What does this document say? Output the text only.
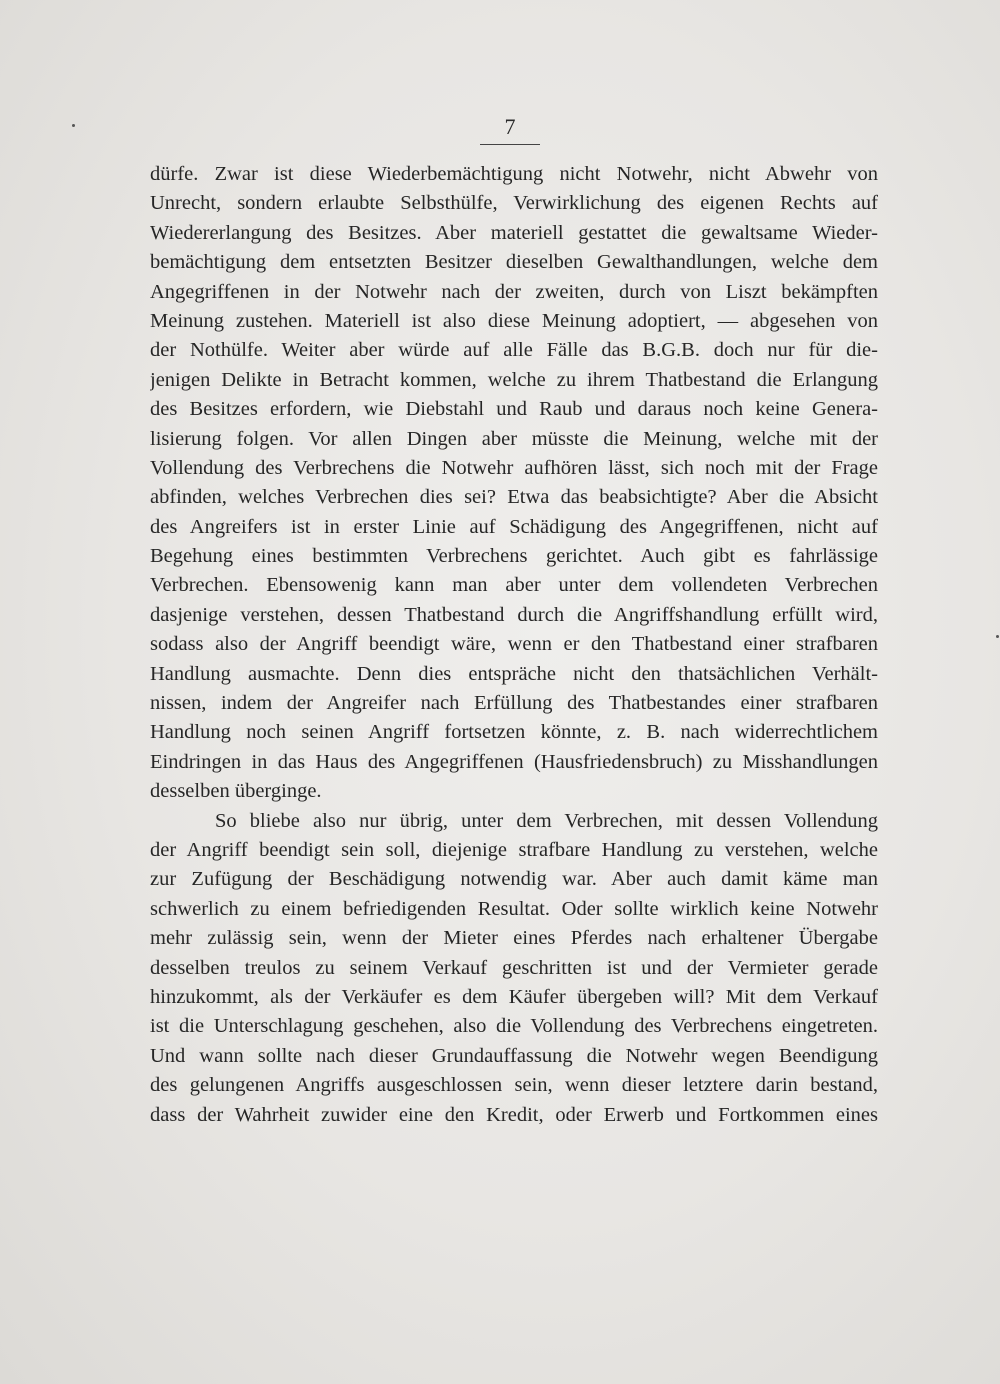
7
dürfe. Zwar ist diese Wiederbemächtigung nicht Notwehr, nicht Abwehr von
Unrecht, sondern erlaubte Selbsthülfe, Verwirklichung des eigenen Rechts auf
Wiedererlangung des Besitzes. Aber materiell gestattet die gewaltsame Wieder-
bemächtigung dem entsetzten Besitzer dieselben Gewalthandlungen, welche dem
Angegriffenen in der Notwehr nach der zweiten, durch von Liszt bekämpften
Meinung zustehen. Materiell ist also diese Meinung adoptiert, — abgesehen von
der Nothülfe. Weiter aber würde auf alle Fälle das B.G.B. doch nur für die-
jenigen Delikte in Betracht kommen, welche zu ihrem Thatbestand die Erlangung
des Besitzes erfordern, wie Diebstahl und Raub und daraus noch keine Genera-
lisierung folgen. Vor allen Dingen aber müsste die Meinung, welche mit der
Vollendung des Verbrechens die Notwehr aufhören lässt, sich noch mit der Frage
abfinden, welches Verbrechen dies sei? Etwa das beabsichtigte? Aber die Absicht
des Angreifers ist in erster Linie auf Schädigung des Angegriffenen, nicht auf
Begehung eines bestimmten Verbrechens gerichtet. Auch gibt es fahrlässige
Verbrechen. Ebensowenig kann man aber unter dem vollendeten Verbrechen
dasjenige verstehen, dessen Thatbestand durch die Angriffshandlung erfüllt wird,
sodass also der Angriff beendigt wäre, wenn er den Thatbestand einer strafbaren
Handlung ausmachte. Denn dies entspräche nicht den thatsächlichen Verhält-
nissen, indem der Angreifer nach Erfüllung des Thatbestandes einer strafbaren
Handlung noch seinen Angriff fortsetzen könnte, z. B. nach widerrechtlichem
Eindringen in das Haus des Angegriffenen (Hausfriedensbruch) zu Misshandlungen
desselben überginge.
So bliebe also nur übrig, unter dem Verbrechen, mit dessen Vollendung
der Angriff beendigt sein soll, diejenige strafbare Handlung zu verstehen, welche
zur Zufügung der Beschädigung notwendig war. Aber auch damit käme man
schwerlich zu einem befriedigenden Resultat. Oder sollte wirklich keine Notwehr
mehr zulässig sein, wenn der Mieter eines Pferdes nach erhaltener Übergabe
desselben treulos zu seinem Verkauf geschritten ist und der Vermieter gerade
hinzukommt, als der Verkäufer es dem Käufer übergeben will? Mit dem Verkauf
ist die Unterschlagung geschehen, also die Vollendung des Verbrechens eingetreten.
Und wann sollte nach dieser Grundauffassung die Notwehr wegen Beendigung
des gelungenen Angriffs ausgeschlossen sein, wenn dieser letztere darin bestand,
dass der Wahrheit zuwider eine den Kredit, oder Erwerb und Fortkommen eines
